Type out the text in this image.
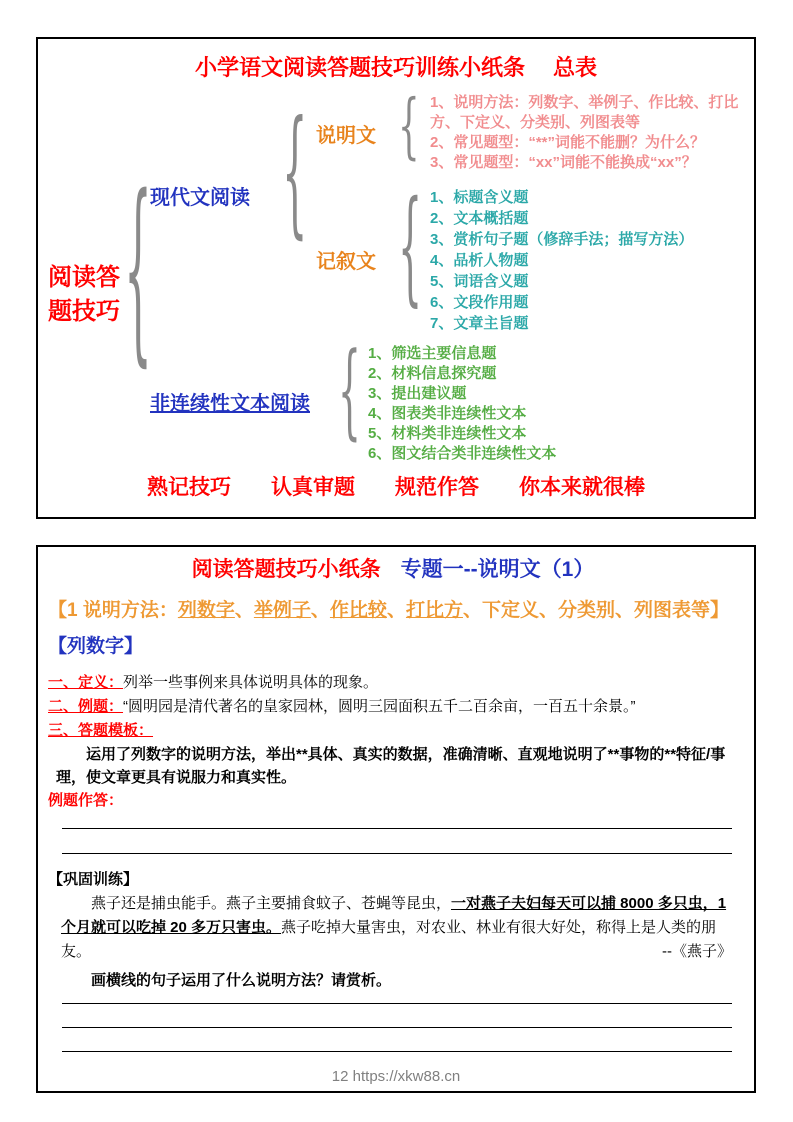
小学语文阅读答题技巧训练小纸条 总表
阅读答
题技巧 {
现代文阅读 { 说明文 { 1、说明方法：列数字、举例子、作比较、打比方、下定义、分类别、列图表等
2、常见题型：“**”词能不能删？为什么？
3、常见题型：“xx”词能不能换成“xx”？
记叙文 { 1、标题含义题
2、文本概括题
3、赏析句子题（修辞手法；描写方法）
4、品析人物题
5、词语含义题
6、文段作用题
7、文章主旨题
非连续性文本阅读 { 1、筛选主要信息题
2、材料信息探究题
3、提出建议题
4、图表类非连续性文本
5、材料类非连续性文本
6、图文结合类非连续性文本
熟记技巧 认真审题 规范作答 你本来就很棒
阅读答题技巧小纸条 专题一--说明文（1）
【1 说明方法：列数字、举例子、作比较、打比方、下定义、分类别、列图表等】
【列数字】
一、定义：列举一些事例来具体说明具体的现象。
二、例题：“圆明园是清代著名的皇家园林，圆明三园面积五千二百余亩，一百五十余景。”
三、答题模板：
运用了列数字的说明方法，举出**具体、真实的数据，准确清晰、直观地说明了**事物的**特征/事理，使文章更具有说服力和真实性。
例题作答：
【巩固训练】
燕子还是捕虫能手。燕子主要捕食蚊子、苍蝇等昆虫，一对燕子夫妇每天可以捕 8000 多只虫，1 个月就可以吃掉 20 多万只害虫。燕子吃掉大量害虫，对农业、林业有很大好处，称得上是人类的朋友。	--《燕子》
画横线的句子运用了什么说明方法？请赏析。
12 https://xkw88.cn
